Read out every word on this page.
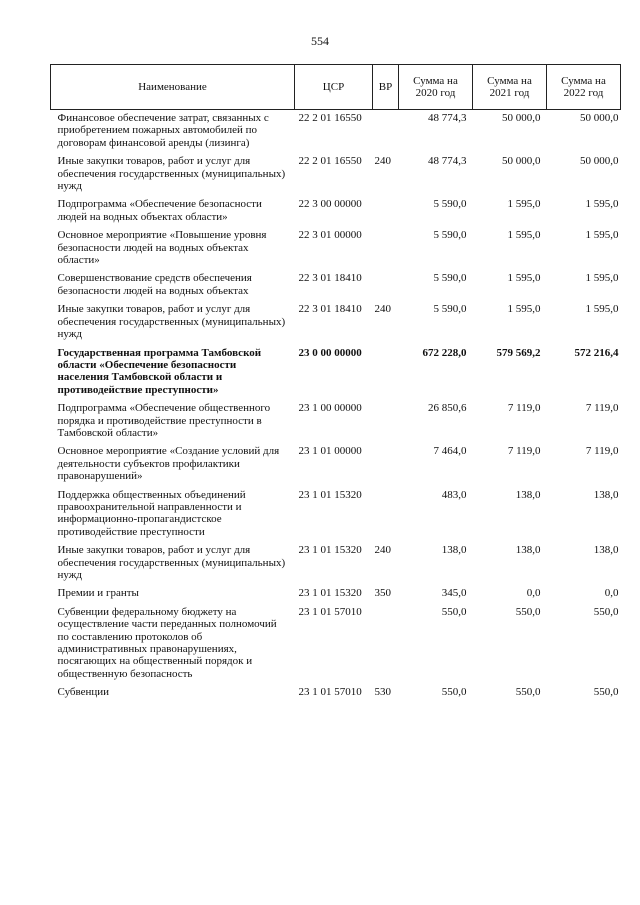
554
Наименование	ЦСР	ВР	Сумма на 2020 год	Сумма на 2021 год	Сумма на 2022 год
Финансовое обеспечение затрат, связанных с приобретением пожарных автомобилей по договорам финансовой аренды (лизинга)	22 2 01 16550		48 774,3	50 000,0	50 000,0
Иные закупки товаров, работ и услуг для обеспечения государственных (муниципальных) нужд	22 2 01 16550	240	48 774,3	50 000,0	50 000,0
Подпрограмма «Обеспечение безопасности людей на водных объектах области»	22 3 00 00000		5 590,0	1 595,0	1 595,0
Основное мероприятие «Повышение уровня безопасности людей на водных объектах области»	22 3 01 00000		5 590,0	1 595,0	1 595,0
Совершенствование средств обеспечения безопасности людей на водных объектах	22 3 01 18410		5 590,0	1 595,0	1 595,0
Иные закупки товаров, работ и услуг для обеспечения государственных (муниципальных) нужд	22 3 01 18410	240	5 590,0	1 595,0	1 595,0
Государственная программа Тамбовской области «Обеспечение безопасности населения Тамбовской области и противодействие преступности»	23 0 00 00000		672 228,0	579 569,2	572 216,4
Подпрограмма «Обеспечение общественного порядка и противодействие преступности в Тамбовской области»	23 1 00 00000		26 850,6	7 119,0	7 119,0
Основное мероприятие «Создание условий для деятельности субъектов профилактики правонарушений»	23 1 01 00000		7 464,0	7 119,0	7 119,0
Поддержка общественных объединений правоохранительной направленности и информационно-пропагандистское противодействие преступности	23 1 01 15320		483,0	138,0	138,0
Иные закупки товаров, работ и услуг для обеспечения государственных (муниципальных) нужд	23 1 01 15320	240	138,0	138,0	138,0
Премии и гранты	23 1 01 15320	350	345,0	0,0	0,0
Субвенции федеральному бюджету на осуществление части переданных полномочий по составлению протоколов об административных правонарушениях, посягающих на общественный порядок и общественную безопасность	23 1 01 57010		550,0	550,0	550,0
Субвенции	23 1 01 57010	530	550,0	550,0	550,0
